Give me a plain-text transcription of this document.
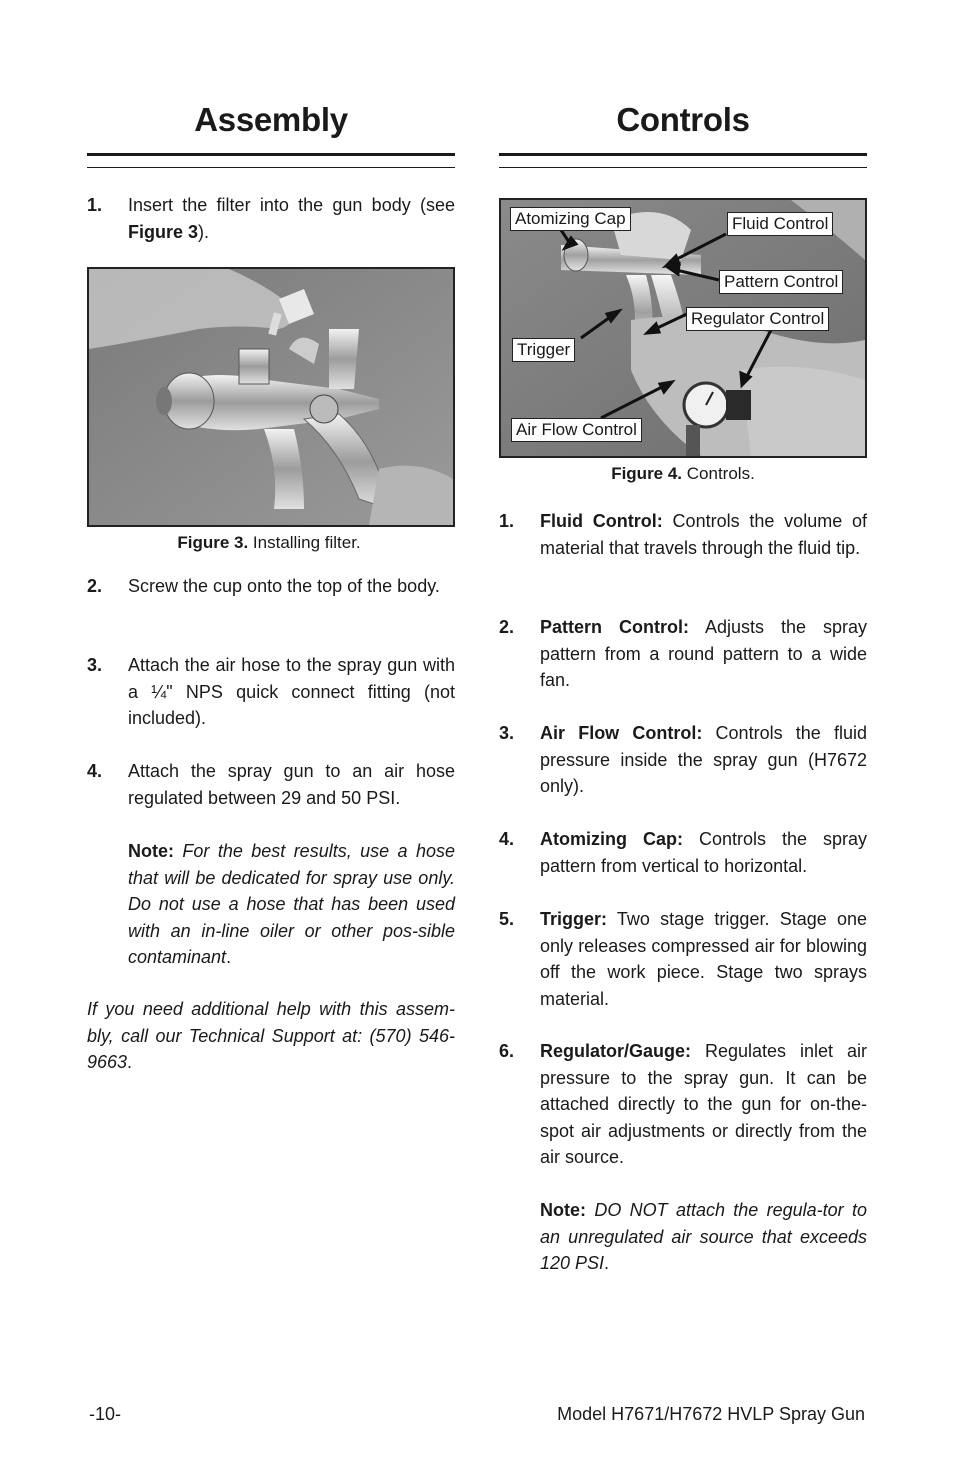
Assembly
1. Insert the filter into the gun body (see Figure 3).
Figure 3. Installing filter.
2. Screw the cup onto the top of the body.
3. Attach the air hose to the spray gun with a ¼" NPS quick connect fitting (not included).
4. Attach the spray gun to an air hose regulated between 29 and 50 PSI.
Note: For the best results, use a hose that will be dedicated for spray use only. Do not use a hose that has been used with an in-line oiler or other pos-sible contaminant.
If you need additional help with this assem-bly, call our Technical Support at: (570) 546-9663.
Controls
Atomizing Cap	Fluid Control
Pattern Control
Regulator Control
Trigger
Air Flow Control
Figure 4. Controls.
1. Fluid Control: Controls the volume of material that travels through the fluid tip.
2. Pattern Control: Adjusts the spray pattern from a round pattern to a wide fan.
3. Air Flow Control: Controls the fluid pressure inside the spray gun (H7672 only).
4. Atomizing Cap: Controls the spray pattern from vertical to horizontal.
5. Trigger: Two stage trigger. Stage one only releases compressed air for blowing off the work piece. Stage two sprays material.
6. Regulator/Gauge: Regulates inlet air pressure to the spray gun. It can be attached directly to the gun for on-the-spot air adjustments or directly from the air source.
Note: DO NOT attach the regula-tor to an unregulated air source that exceeds 120 PSI.
-10-	Model H7671/H7672 HVLP Spray Gun
